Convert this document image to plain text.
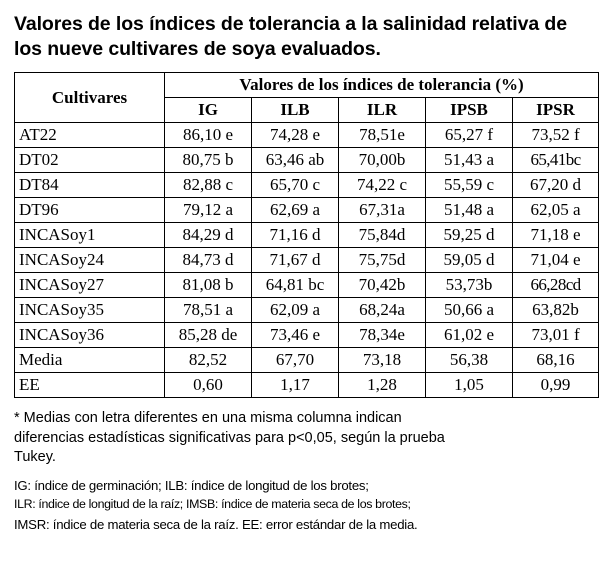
Valores de los índices de tolerancia a la salinidad relativa de los nueve cultivares de soya evaluados.
Cultivares	Valores de los índices de tolerancia (%)				
	IG	ILB	ILR	IPSB	IPSR
AT22	86,10 e	74,28 e	78,51e	65,27 f	73,52 f
DT02	80,75 b	63,46 ab	70,00b	51,43 a	65,41bc
DT84	82,88 c	65,70 c	74,22 c	55,59 c	67,20 d
DT96	79,12 a	62,69 a	67,31a	51,48 a	62,05 a
INCASoy1	84,29 d	71,16 d	75,84d	59,25 d	71,18 e
INCASoy24	84,73 d	71,67 d	75,75d	59,05 d	71,04 e
INCASoy27	81,08 b	64,81 bc	70,42b	53,73b	66,28cd
INCASoy35	78,51 a	62,09 a	68,24a	50,66 a	63,82b
INCASoy36	85,28 de	73,46 e	78,34e	61,02 e	73,01 f
Media	82,52	67,70	73,18	56,38	68,16
EE	0,60	1,17	1,28	1,05	0,99
* Medias con letra diferentes en una misma columna indican
diferencias estadísticas significativas para p<0,05, según la prueba
Tukey.
IG: índice de germinación; ILB: índice de longitud de los brotes;
ILR: índice de longitud de la raíz; IMSB: índice de materia seca de los brotes;
IMSR: índice de materia seca de la raíz. EE: error estándar de la media.
